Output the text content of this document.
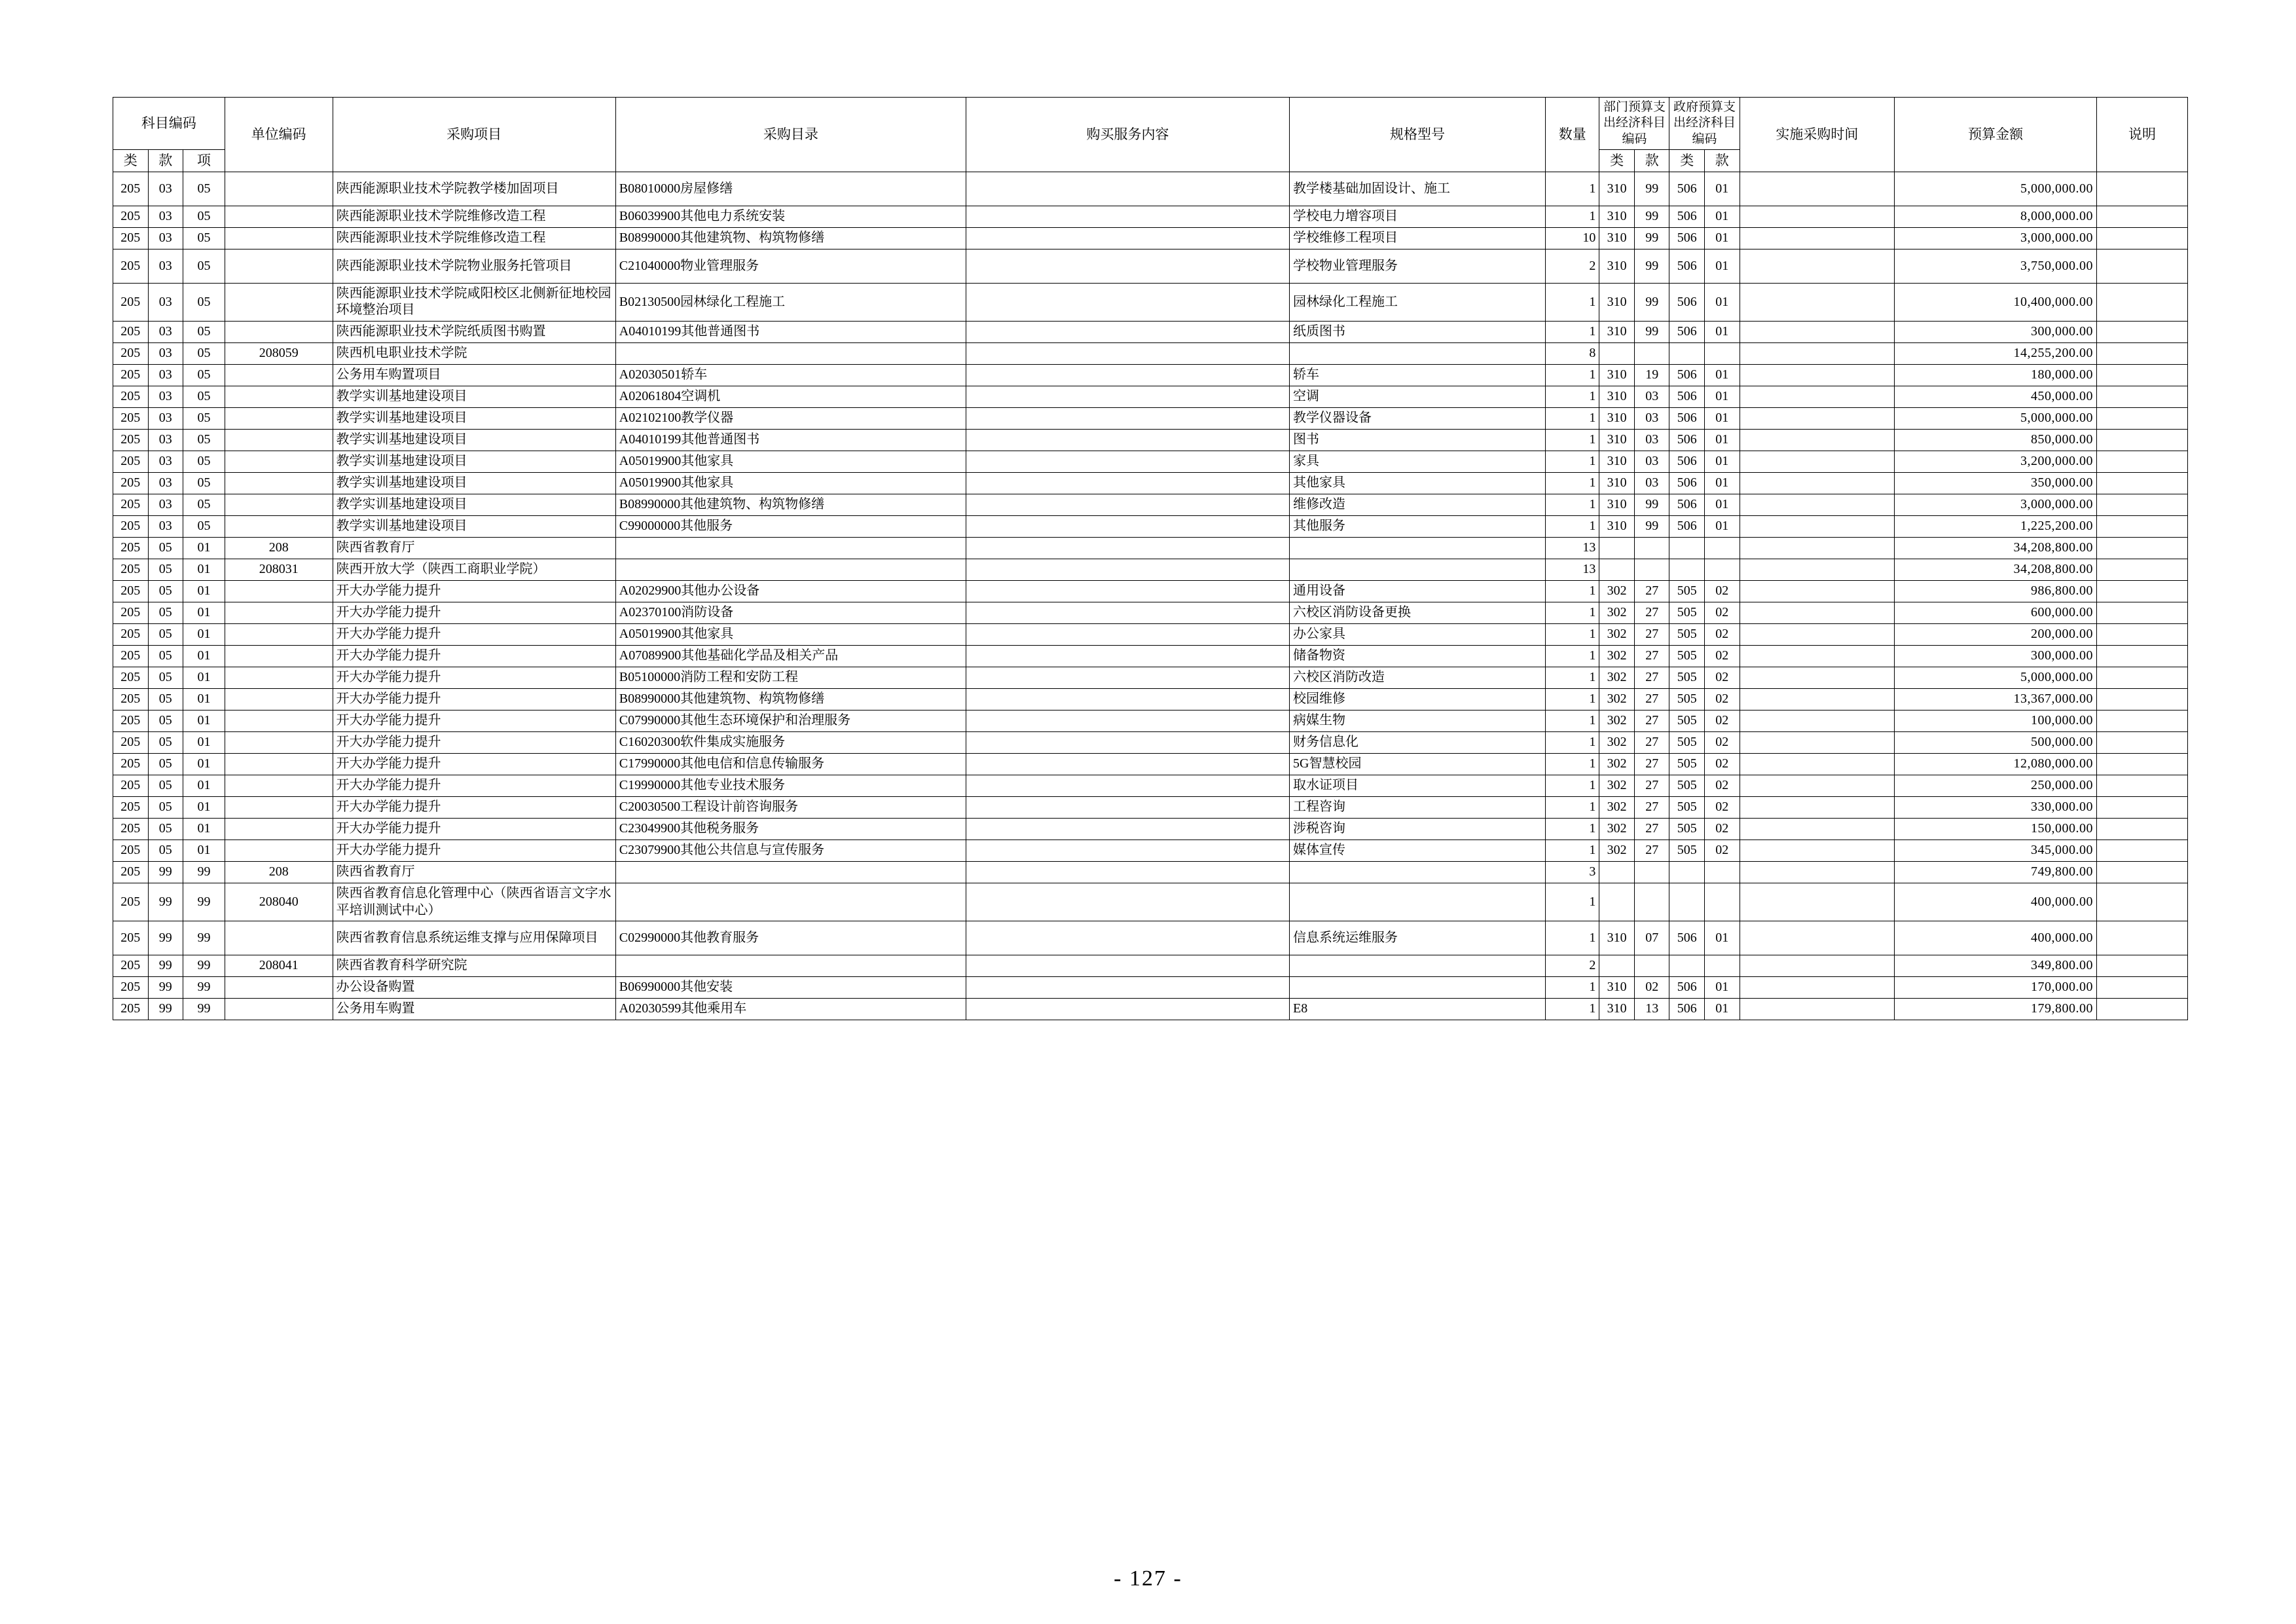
科目编码			单位编码	采购项目	采购目录	购买服务内容	规格型号	数量	部门预算支出经济科目编码		政府预算支出经济科目编码		实施采购时间	预算金额	说明
类	款	项							类	款	类	款			
205	03	05		陕西能源职业技术学院教学楼加固项目	B08010000房屋修缮		教学楼基础加固设计、施工	1	310	99	506	01		5,000,000.00	
205	03	05		陕西能源职业技术学院维修改造工程	B06039900其他电力系统安装		学校电力增容项目	1	310	99	506	01		8,000,000.00	
205	03	05		陕西能源职业技术学院维修改造工程	B08990000其他建筑物、构筑物修缮		学校维修工程项目	10	310	99	506	01		3,000,000.00	
205	03	05		陕西能源职业技术学院物业服务托管项目	C21040000物业管理服务		学校物业管理服务	2	310	99	506	01		3,750,000.00	
205	03	05		陕西能源职业技术学院咸阳校区北侧新征地校园环境整治项目	B02130500园林绿化工程施工		园林绿化工程施工	1	310	99	506	01		10,400,000.00	
205	03	05		陕西能源职业技术学院纸质图书购置	A04010199其他普通图书		纸质图书	1	310	99	506	01		300,000.00	
205	03	05	208059	陕西机电职业技术学院				8						14,255,200.00	
205	03	05		公务用车购置项目	A02030501轿车		轿车	1	310	19	506	01		180,000.00	
205	03	05		教学实训基地建设项目	A02061804空调机		空调	1	310	03	506	01		450,000.00	
205	03	05		教学实训基地建设项目	A02102100教学仪器		教学仪器设备	1	310	03	506	01		5,000,000.00	
205	03	05		教学实训基地建设项目	A04010199其他普通图书		图书	1	310	03	506	01		850,000.00	
205	03	05		教学实训基地建设项目	A05019900其他家具		家具	1	310	03	506	01		3,200,000.00	
205	03	05		教学实训基地建设项目	A05019900其他家具		其他家具	1	310	03	506	01		350,000.00	
205	03	05		教学实训基地建设项目	B08990000其他建筑物、构筑物修缮		维修改造	1	310	99	506	01		3,000,000.00	
205	03	05		教学实训基地建设项目	C99000000其他服务		其他服务	1	310	99	506	01		1,225,200.00	
205	05	01	208	陕西省教育厅				13						34,208,800.00	
205	05	01	208031	陕西开放大学（陕西工商职业学院）				13						34,208,800.00	
205	05	01		开大办学能力提升	A02029900其他办公设备		通用设备	1	302	27	505	02		986,800.00	
205	05	01		开大办学能力提升	A02370100消防设备		六校区消防设备更换	1	302	27	505	02		600,000.00	
205	05	01		开大办学能力提升	A05019900其他家具		办公家具	1	302	27	505	02		200,000.00	
205	05	01		开大办学能力提升	A07089900其他基础化学品及相关产品		储备物资	1	302	27	505	02		300,000.00	
205	05	01		开大办学能力提升	B05100000消防工程和安防工程		六校区消防改造	1	302	27	505	02		5,000,000.00	
205	05	01		开大办学能力提升	B08990000其他建筑物、构筑物修缮		校园维修	1	302	27	505	02		13,367,000.00	
205	05	01		开大办学能力提升	C07990000其他生态环境保护和治理服务		病媒生物	1	302	27	505	02		100,000.00	
205	05	01		开大办学能力提升	C16020300软件集成实施服务		财务信息化	1	302	27	505	02		500,000.00	
205	05	01		开大办学能力提升	C17990000其他电信和信息传输服务		5G智慧校园	1	302	27	505	02		12,080,000.00	
205	05	01		开大办学能力提升	C19990000其他专业技术服务		取水证项目	1	302	27	505	02		250,000.00	
205	05	01		开大办学能力提升	C20030500工程设计前咨询服务		工程咨询	1	302	27	505	02		330,000.00	
205	05	01		开大办学能力提升	C23049900其他税务服务		涉税咨询	1	302	27	505	02		150,000.00	
205	05	01		开大办学能力提升	C23079900其他公共信息与宣传服务		媒体宣传	1	302	27	505	02		345,000.00	
205	99	99	208	陕西省教育厅				3						749,800.00	
205	99	99	208040	陕西省教育信息化管理中心（陕西省语言文字水平培训测试中心）				1						400,000.00	
205	99	99		陕西省教育信息系统运维支撑与应用保障项目	C02990000其他教育服务		信息系统运维服务	1	310	07	506	01		400,000.00	
205	99	99	208041	陕西省教育科学研究院				2						349,800.00	
205	99	99		办公设备购置	B06990000其他安装			1	310	02	506	01		170,000.00	
205	99	99		公务用车购置	A02030599其他乘用车		E8	1	310	13	506	01		179,800.00	
- 127 -
